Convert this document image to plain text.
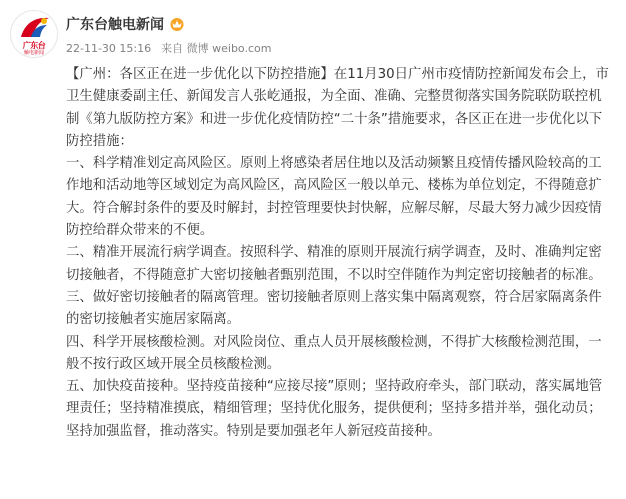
广东台
触电新闻
广东台触电新闻
22-11-30 15:16 来自 微博 weibo.com

【广州：各区正在进一步优化以下防控措施】在11月30日广州市疫情防控新闻发布会上，市卫生健康委副主任、新闻发言人张屹通报，为全面、准确、完整贯彻落实国务院联防联控机制《第九版防控方案》和进一步优化疫情防控“二十条”措施要求，各区正在进一步优化以下防控措施：

一、科学精准划定高风险区。原则上将感染者居住地以及活动频繁且疫情传播风险较高的工作地和活动地等区域划定为高风险区，高风险区一般以单元、楼栋为单位划定，不得随意扩大。符合解封条件的要及时解封，封控管理要快封快解，应解尽解，尽最大努力减少因疫情防控给群众带来的不便。

二、精准开展流行病学调查。按照科学、精准的原则开展流行病学调查，及时、准确判定密切接触者，不得随意扩大密切接触者甄别范围，不以时空伴随作为判定密切接触者的标准。

三、做好密切接触者的隔离管理。密切接触者原则上落实集中隔离观察，符合居家隔离条件的密切接触者实施居家隔离。

四、科学开展核酸检测。对风险岗位、重点人员开展核酸检测，不得扩大核酸检测范围，一般不按行政区域开展全员核酸检测。

五、加快疫苗接种。坚持疫苗接种“应接尽接”原则；坚持政府牵头，部门联动，落实属地管理责任；坚持精准摸底，精细管理；坚持优化服务，提供便利；坚持多措并举，强化动员；坚持加强监督，推动落实。特别是要加强老年人新冠疫苗接种。
